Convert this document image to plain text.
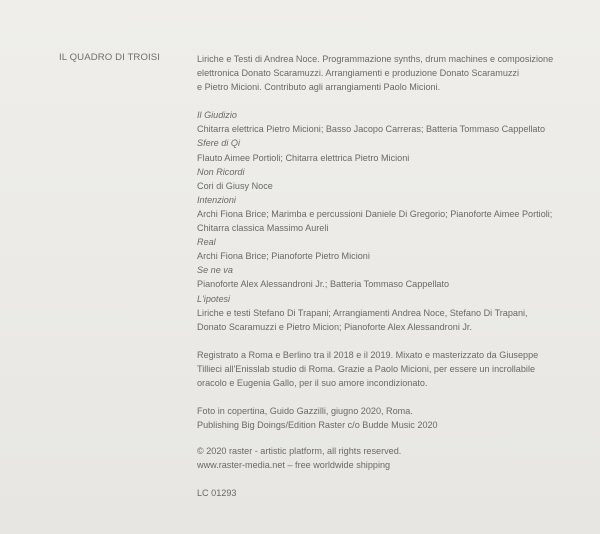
IL QUADRO DI TROISI	Liriche e Testi di Andrea Noce. Programmazione synths, drum machines e composizione

elettronica Donato Scaramuzzi. Arrangiamenti e produzione Donato Scaramuzzi

e Pietro Micioni. Contributo agli arrangiamenti Paolo Micioni.

Il Giudizio

Chitarra elettrica Pietro Micioni; Basso Jacopo Carreras; Batteria Tommaso Cappellato

Sfere di Qi

Flauto Aimee Portioli; Chitarra elettrica Pietro Micioni

Non Ricordi

Cori di Giusy Noce

Intenzioni

Archi Fiona Brice; Marimba e percussioni Daniele Di Gregorio; Pianoforte Aimee Portioli;

Chitarra classica Massimo Aureli

Real

Archi Fiona Brice; Pianoforte Pietro Micioni

Se ne va

Pianoforte Alex Alessandroni Jr.; Batteria Tommaso Cappellato

L'ipotesi

Liriche e testi Stefano Di Trapani; Arrangiamenti Andrea Noce, Stefano Di Trapani,

Donato Scaramuzzi e Pietro Micion; Pianoforte Alex Alessandroni Jr.

Registrato a Roma e Berlino tra il 2018 e il 2019. Mixato e masterizzato da Giuseppe

Tillieci all'Enisslab studio di Roma. Grazie a Paolo Micioni, per essere un incrollabile

oracolo e Eugenia Gallo, per il suo amore incondizionato.

Foto in copertina, Guido Gazzilli, giugno 2020, Roma.

Publishing Big Doings/Edition Raster c/o Budde Music 2020

© 2020 raster - artistic platform, all rights reserved.

www.raster-media.net – free worldwide shipping

LC 01293
